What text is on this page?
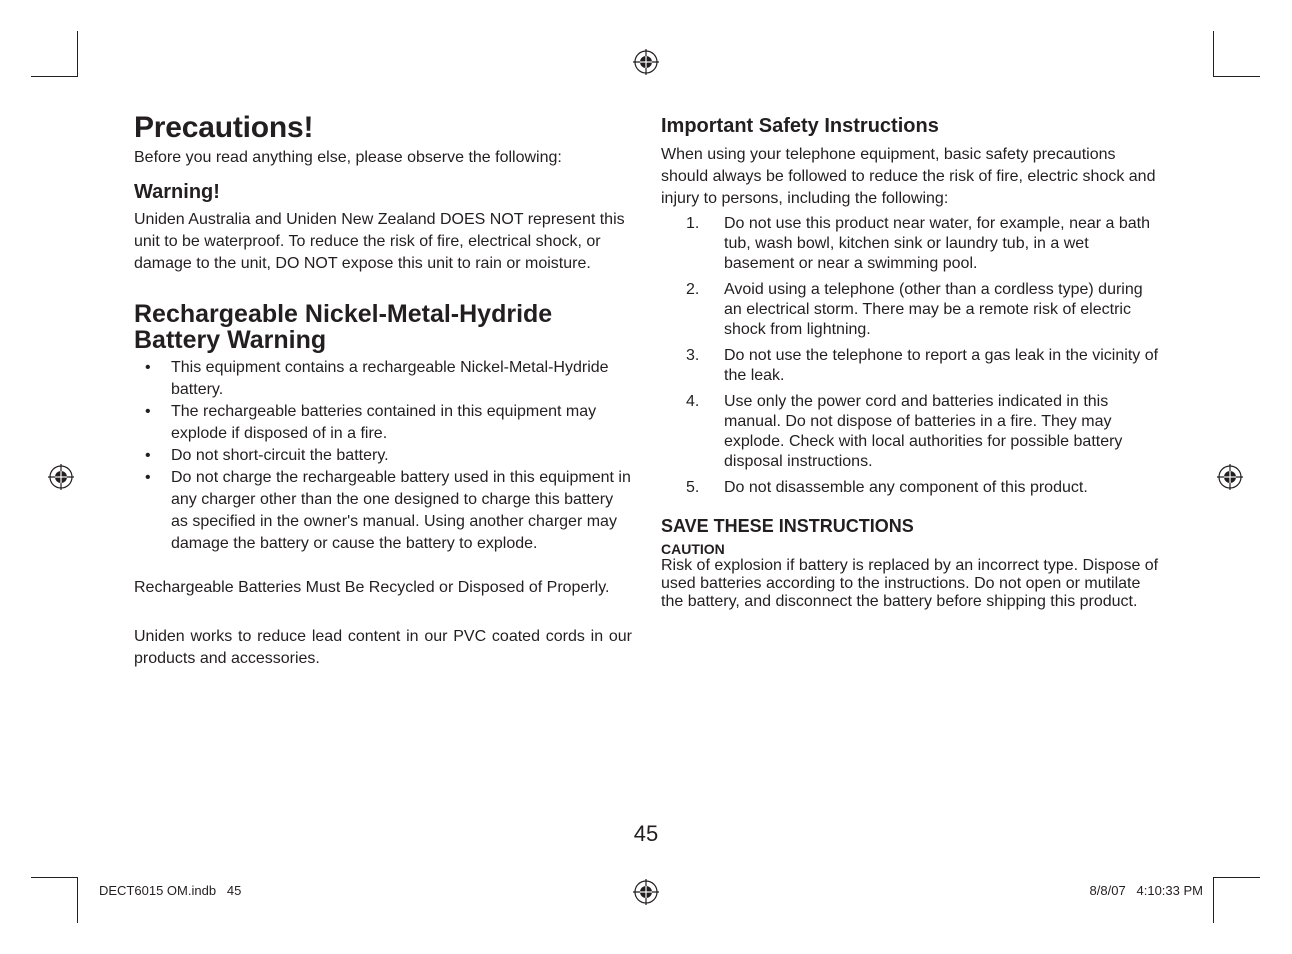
Precautions!

Before you read anything else, please observe the following:

Warning!

Uniden Australia and Uniden New Zealand DOES NOT represent this unit to be waterproof. To reduce the risk of fire, electrical shock, or damage to the unit, DO NOT expose this unit to rain or moisture.

Rechargeable Nickel-Metal-Hydride
Battery Warning
• This equipment contains a rechargeable Nickel-Metal-Hydride battery.
• The rechargeable batteries contained in this equipment may explode if disposed of in a fire.
• Do not short-circuit the battery.
• Do not charge the rechargeable battery used in this equipment in any charger other than the one designed to charge this battery as specified in the owner's manual. Using another charger may damage the battery or cause the battery to explode.

Rechargeable Batteries Must Be Recycled or Disposed of Properly.

Uniden works to reduce lead content in our PVC coated cords in our products and accessories.

Important Safety Instructions

When using your telephone equipment, basic safety precautions should always be followed to reduce the risk of fire, electric shock and injury to persons, including the following:

1. Do not use this product near water, for example, near a bath tub, wash bowl, kitchen sink or laundry tub, in a wet basement or near a swimming pool.
2. Avoid using a telephone (other than a cordless type) during an electrical storm. There may be a remote risk of electric shock from lightning.
3. Do not use the telephone to report a gas leak in the vicinity of the leak.
4. Use only the power cord and batteries indicated in this manual. Do not dispose of batteries in a fire. They may explode. Check with local authorities for possible battery disposal instructions.
5. Do not disassemble any component of this product.
SAVE THESE INSTRUCTIONS

CAUTION

Risk of explosion if battery is replaced by an incorrect type. Dispose of used batteries according to the instructions. Do not open or mutilate the battery, and disconnect the battery before shipping this product.

45
DECT6015 OM.indb   45	8/8/07   4:10:33 PM
